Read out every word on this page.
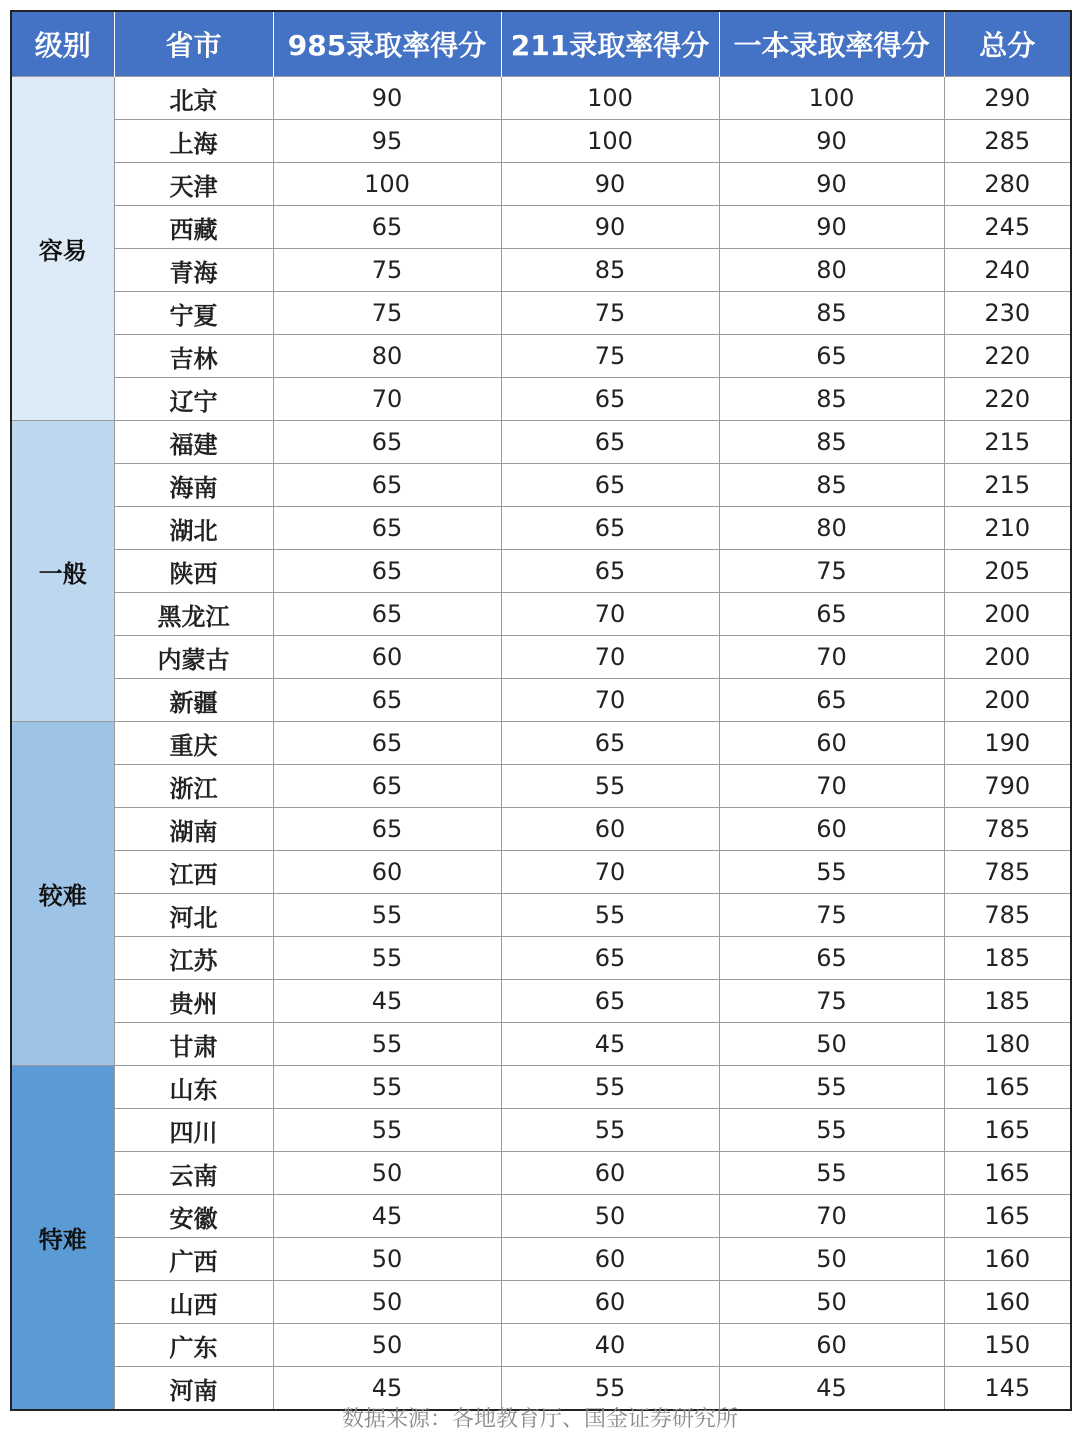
级别	省市	985录取率得分	211录取率得分	一本录取率得分	总分
容易	北京	90	100	100	290
	上海	95	100	90	285
	天津	100	90	90	280
	西藏	65	90	90	245
	青海	75	85	80	240
	宁夏	75	75	85	230
	吉林	80	75	65	220
	辽宁	70	65	85	220
一般	福建	65	65	85	215
	海南	65	65	85	215
	湖北	65	65	80	210
	陕西	65	65	75	205
	黑龙江	65	70	65	200
	内蒙古	60	70	70	200
	新疆	65	70	65	200
较难	重庆	65	65	60	190
	浙江	65	55	70	790
	湖南	65	60	60	785
	江西	60	70	55	785
	河北	55	55	75	785
	江苏	55	65	65	185
	贵州	45	65	75	185
	甘肃	55	45	50	180
特难	山东	55	55	55	165
	四川	55	55	55	165
	云南	50	60	55	165
	安徽	45	50	70	165
	广西	50	60	50	160
	山西	50	60	50	160
	广东	50	40	60	150
	河南	45	55	45	145
数据来源：各地教育厅、国金证券研究所
